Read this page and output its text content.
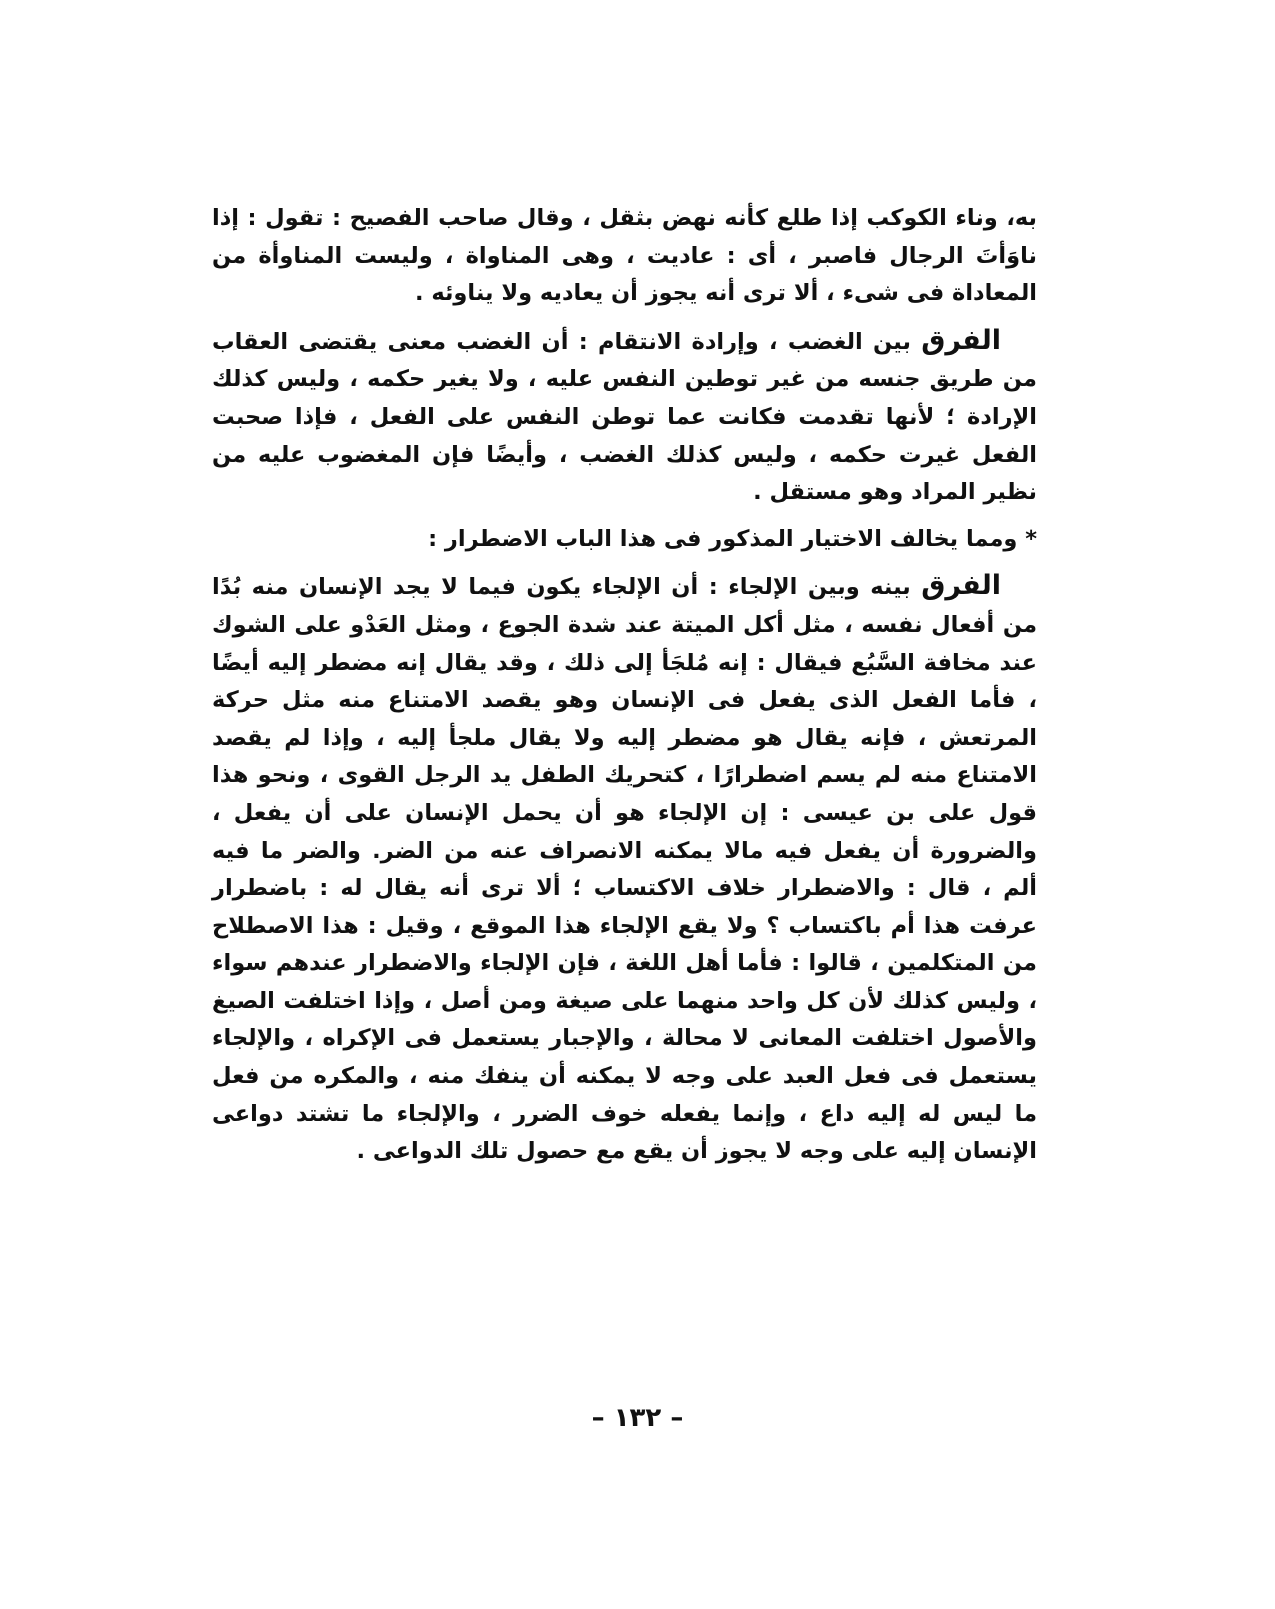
به، وناء الكوكب إذا طلع كأنه نهض بثقل ، وقال صاحب الفصيح : تقول : إذا ناوَأتَ الرجال فاصبر ، أى : عاديت ، وهى المناواة ، وليست المناوأة من المعاداة فى شىء ، ألا ترى أنه يجوز أن يعاديه ولا يناوئه .

الفرق بين الغضب ، وإرادة الانتقام : أن الغضب معنى يقتضى العقاب من طريق جنسه من غير توطين النفس عليه ، ولا يغير حكمه ، وليس كذلك الإرادة ؛ لأنها تقدمت فكانت عما توطن النفس على الفعل ، فإذا صحبت الفعل غيرت حكمه ، وليس كذلك الغضب ، وأيضًا فإن المغضوب عليه من نظير المراد وهو مستقل .

* ومما يخالف الاختيار المذكور فى هذا الباب الاضطرار :

الفرق بينه وبين الإلجاء : أن الإلجاء يكون فيما لا يجد الإنسان منه بُدًا من أفعال نفسه ، مثل أكل الميتة عند شدة الجوع ، ومثل العَدْو على الشوك عند مخافة السَّبُع فيقال : إنه مُلجَأ إلى ذلك ، وقد يقال إنه مضطر إليه أيضًا ، فأما الفعل الذى يفعل فى الإنسان وهو يقصد الامتناع منه مثل حركة المرتعش ، فإنه يقال هو مضطر إليه ولا يقال ملجأ إليه ، وإذا لم يقصد الامتناع منه لم يسم اضطرارًا ، كتحريك الطفل يد الرجل القوى ، ونحو هذا قول على بن عيسى : إن الإلجاء هو أن يحمل الإنسان على أن يفعل ، والضرورة أن يفعل فيه مالا يمكنه الانصراف عنه من الضر. والضر ما فيه ألم ، قال : والاضطرار خلاف الاكتساب ؛ ألا ترى أنه يقال له : باضطرار عرفت هذا أم باكتساب ؟ ولا يقع الإلجاء هذا الموقع ، وقيل : هذا الاصطلاح من المتكلمين ، قالوا : فأما أهل اللغة ، فإن الإلجاء والاضطرار عندهم سواء ، وليس كذلك لأن كل واحد منهما على صيغة ومن أصل ، وإذا اختلفت الصيغ والأصول اختلفت المعانى لا محالة ، والإجبار يستعمل فى الإكراه ، والإلجاء يستعمل فى فعل العبد على وجه لا يمكنه أن ينفك منه ، والمكره من فعل ما ليس له إليه داع ، وإنما يفعله خوف الضرر ، والإلجاء ما تشتد دواعى الإنسان إليه على وجه لا يجوز أن يقع مع حصول تلك الدواعى .

– ١٣٢ –
